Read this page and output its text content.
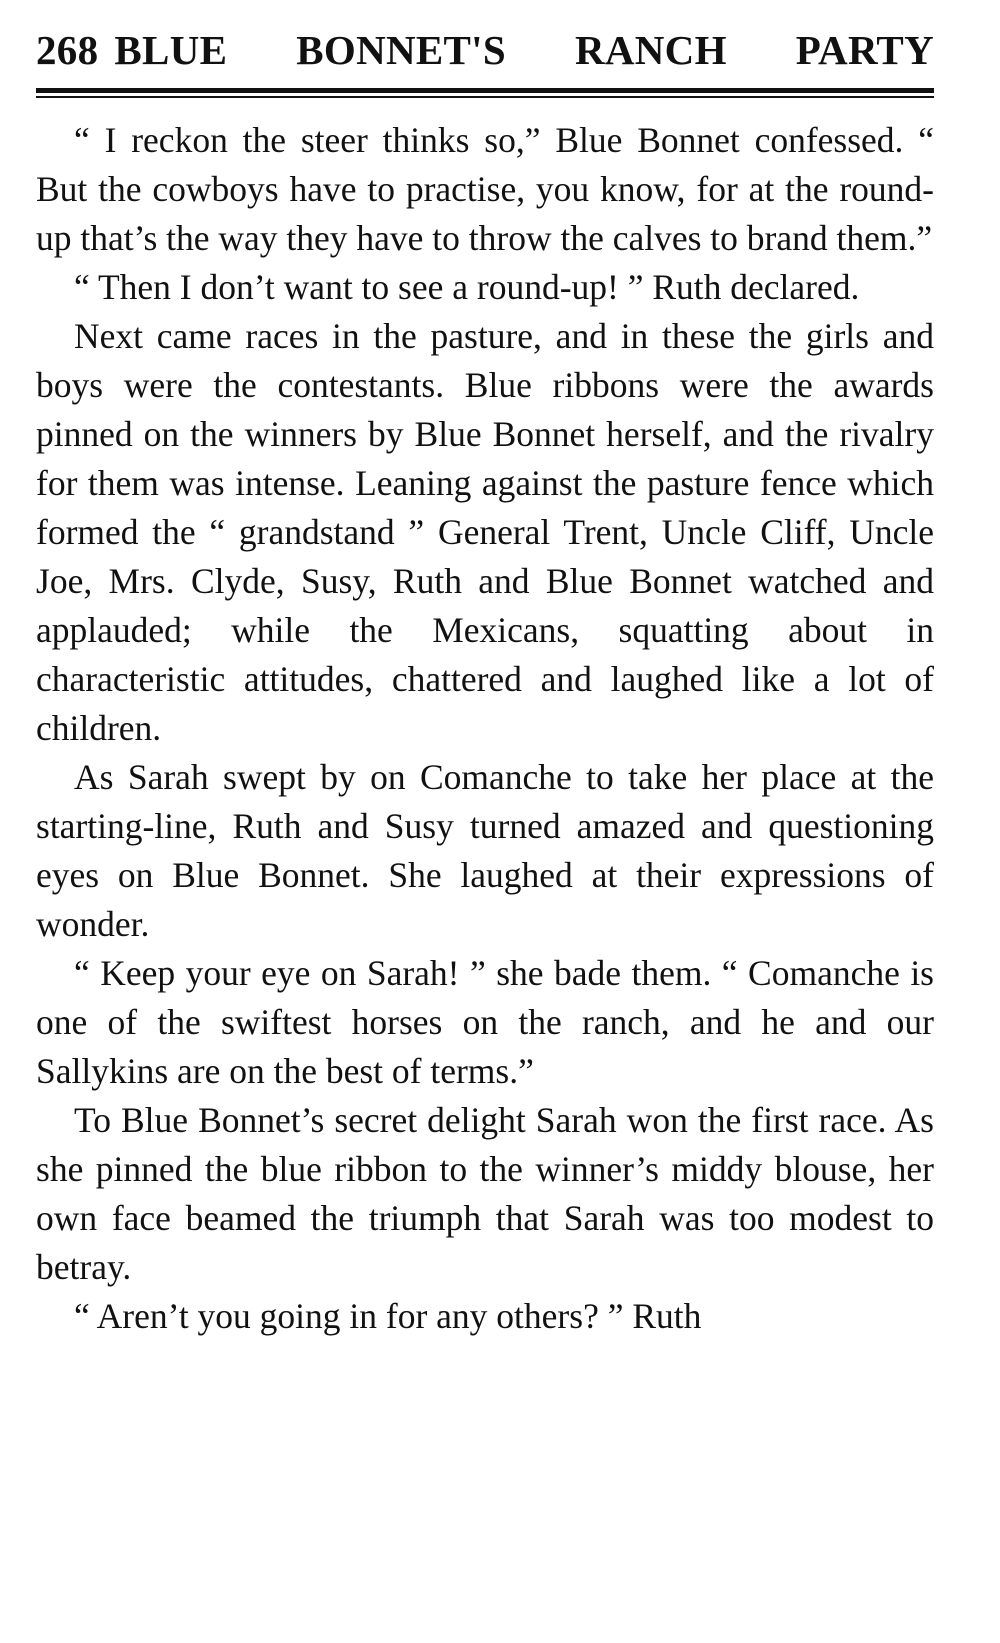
268 BLUE BONNET'S RANCH PARTY

“ I reckon the steer thinks so,” Blue Bonnet confessed. “ But the cowboys have to practise, you know, for at the round-up that’s the way they have to throw the calves to brand them.”

“ Then I don’t want to see a round-up! ” Ruth declared.

Next came races in the pasture, and in these the girls and boys were the contestants. Blue ribbons were the awards pinned on the winners by Blue Bonnet herself, and the rivalry for them was intense. Leaning against the pasture fence which formed the “ grandstand ” General Trent, Uncle Cliff, Uncle Joe, Mrs. Clyde, Susy, Ruth and Blue Bonnet watched and applauded; while the Mexicans, squatting about in characteristic attitudes, chattered and laughed like a lot of children.

As Sarah swept by on Comanche to take her place at the starting-line, Ruth and Susy turned amazed and questioning eyes on Blue Bonnet. She laughed at their expressions of wonder.

“ Keep your eye on Sarah! ” she bade them. “ Comanche is one of the swiftest horses on the ranch, and he and our Sallykins are on the best of terms.”

To Blue Bonnet’s secret delight Sarah won the first race. As she pinned the blue ribbon to the winner’s middy blouse, her own face beamed the triumph that Sarah was too modest to betray.

“ Aren’t you going in for any others? ” Ruth
